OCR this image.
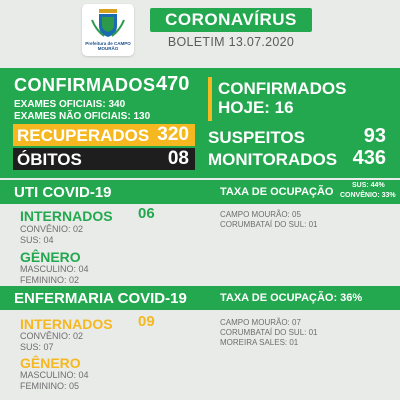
Prefeitura de CAMPO MOURÃO
CORONAVÍRUS
BOLETIM 13.07.2020
CONFIRMADOS 470
EXAMES OFICIAIS: 340
EXAMES NÃO OFICIAIS: 130
RECUPERADOS 320
ÓBITOS	08
CONFIRMADOS
HOJE: 16
SUSPEITOS	93
MONITORADOS 436
UTI COVID-19	TAXA DE OCUPAÇÃO
SUS: 44%
CONVÊNIO: 33%
INTERNADOS 06
CONVÊNIO: 02
SUS: 04
CAMPO MOURÃO: 05
CORUMBATAÍ DO SUL: 01
GÊNERO
MASCULINO: 04
FEMININO: 02
ENFERMARIA COVID-19	TAXA DE OCUPAÇÃO: 36%
INTERNADOS 09
CONVÊNIO: 02
SUS: 07
CAMPO MOURÃO: 07
CORUMBATAÍ DO SUL: 01
MOREIRA SALES: 01
GÊNERO
MASCULINO: 04
FEMININO: 05
